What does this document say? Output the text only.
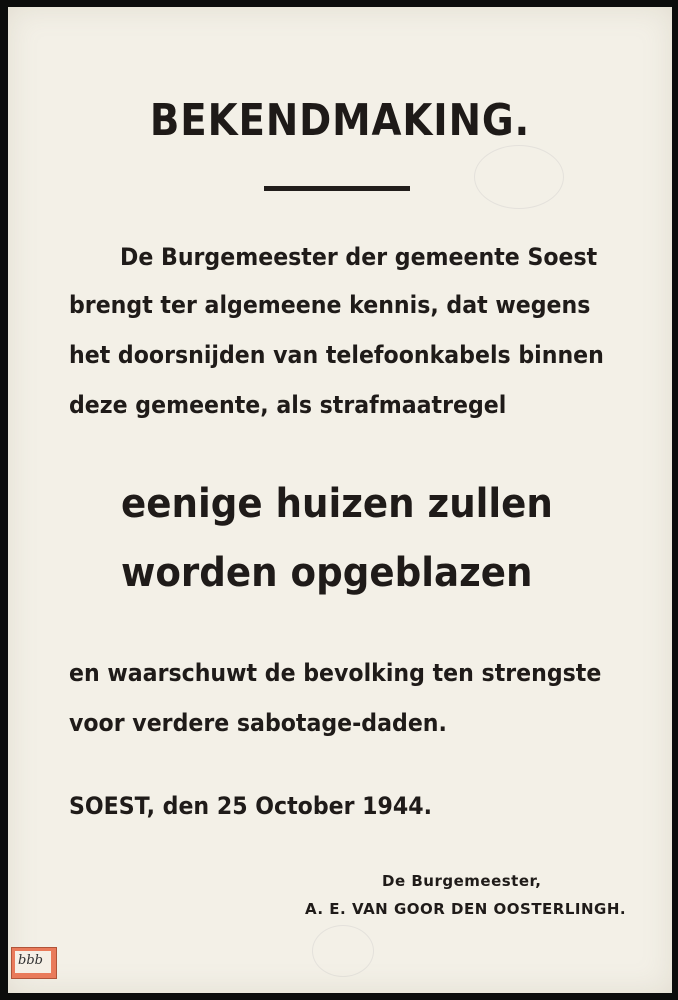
BEKENDMAKING.
De Burgemeester der gemeente Soest
brengt ter algemeene kennis, dat wegens
het doorsnijden van telefoonkabels binnen
deze gemeente, als strafmaatregel
eenige huizen zullen
worden opgeblazen
en waarschuwt de bevolking ten strengste
voor verdere sabotage-daden.
SOEST, den 25 October 1944.
De Burgemeester,
A. E. VAN GOOR DEN OOSTERLINGH.
bbb
